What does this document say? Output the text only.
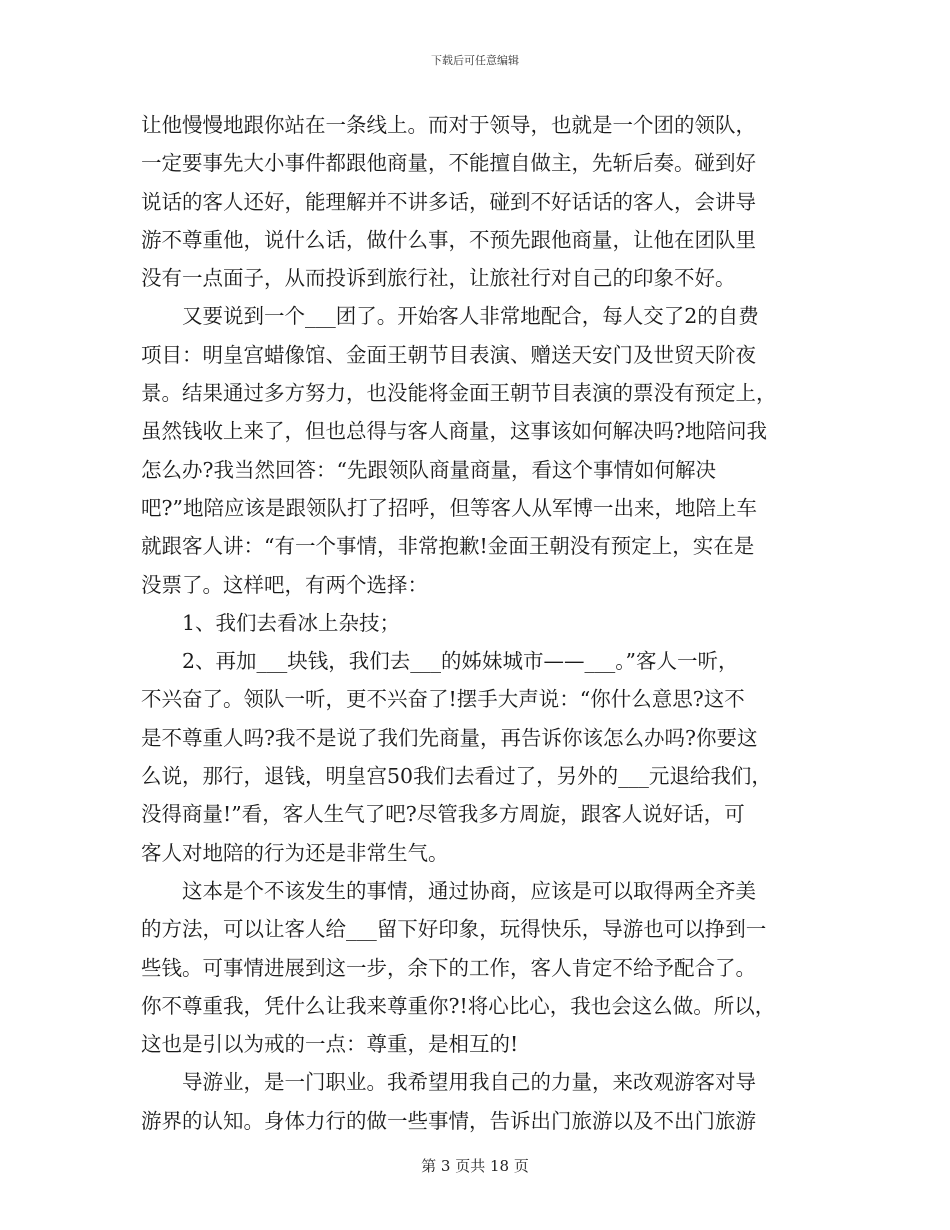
下载后可任意编辑
让他慢慢地跟你站在一条线上。而对于领导，也就是一个团的领队，
一定要事先大小事件都跟他商量，不能擅自做主，先斩后奏。碰到好
说话的客人还好，能理解并不讲多话，碰到不好话话的客人，会讲导
游不尊重他，说什么话，做什么事，不预先跟他商量，让他在团队里
没有一点面子，从而投诉到旅行社，让旅社行对自己的印象不好。
　　又要说到一个___团了。开始客人非常地配合，每人交了2的自费
项目：明皇宫蜡像馆、金面王朝节目表演、赠送天安门及世贸天阶夜
景。结果通过多方努力，也没能将金面王朝节目表演的票没有预定上，
虽然钱收上来了，但也总得与客人商量，这事该如何解决吗?地陪问我
怎么办?我当然回答：“先跟领队商量商量，看这个事情如何解决
吧?”地陪应该是跟领队打了招呼，但等客人从军博一出来，地陪上车
就跟客人讲：“有一个事情，非常抱歉!金面王朝没有预定上，实在是
没票了。这样吧，有两个选择：
　　1、我们去看冰上杂技；
　　2、再加___块钱，我们去___的姊妹城市——___。”客人一听，
不兴奋了。领队一听，更不兴奋了!摆手大声说：“你什么意思?这不
是不尊重人吗?我不是说了我们先商量，再告诉你该怎么办吗?你要这
么说，那行，退钱，明皇宫50我们去看过了，另外的___元退给我们，
没得商量!”看，客人生气了吧?尽管我多方周旋，跟客人说好话，可
客人对地陪的行为还是非常生气。
　　这本是个不该发生的事情，通过协商，应该是可以取得两全齐美
的方法，可以让客人给___留下好印象，玩得快乐，导游也可以挣到一
些钱。可事情进展到这一步，余下的工作，客人肯定不给予配合了。
你不尊重我，凭什么让我来尊重你?!将心比心，我也会这么做。所以，
这也是引以为戒的一点：尊重，是相互的!
　　导游业，是一门职业。我希望用我自己的力量，来改观游客对导
游界的认知。身体力行的做一些事情，告诉出门旅游以及不出门旅游
第 3 页共 18 页
